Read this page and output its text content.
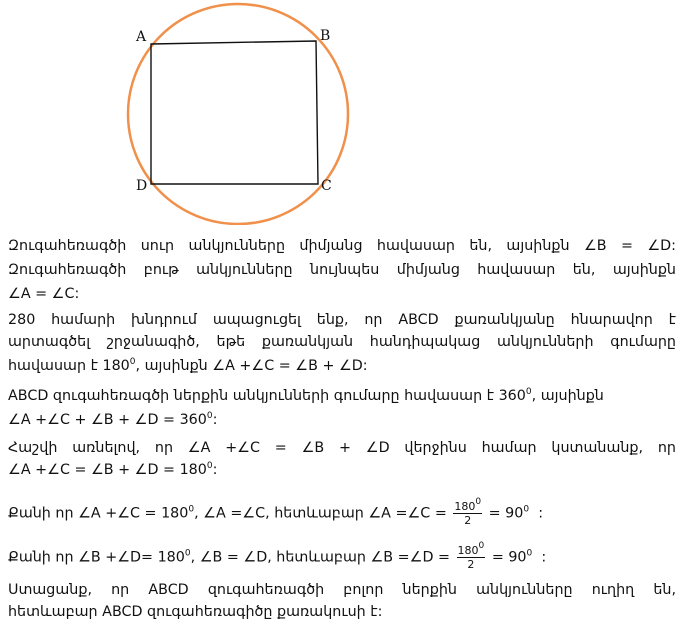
A	B
C
D
Զուգահեռագծի սուր անկյունները միմյանց հավասար են, այսինքն ∠B = ∠D:
Զուգահեռագծի բութ անկյունները նույնպես միմյանց հավասար են, այսինքն
∠A = ∠C:
280 համարի խնդրում ապացուցել ենք, որ ABCD քառանկյանը հնարավոր է
արտագծել շրջանագիծ, եթե քառանկյան հանդիպակաց անկյունների գումարը
հավասար է $180^0$, այսինքն ∠A +∠C = ∠B + ∠D:
ABCD զուգահեռագծի ներքին անկյունների գումարը հավասար է $360^0$, այսինքն
∠A +∠C + ∠B + ∠D = $360^0$:
Հաշվի առնելով, որ ∠A +∠C = ∠B + ∠D վերջինս համար կստանանք, որ
∠A +∠C = ∠B + ∠D = $180^0$:
Քանի որ ∠A +∠C = $180^0$, ∠A =∠C, հետևաբար ∠A =∠C = $\frac{180^0}{2} = 90^0$ :
Քանի որ ∠B +∠D= $180^0$, ∠B = ∠D, հետևաբար ∠B =∠D = $\frac{180^0}{2} = 90^0$ :
Ստացանք, որ ABCD զուգահեռագծի բոլոր ներքին անկյունները ուղիղ են,
հետևաբար ABCD զուգահեռագիծը քառակուսի է:
